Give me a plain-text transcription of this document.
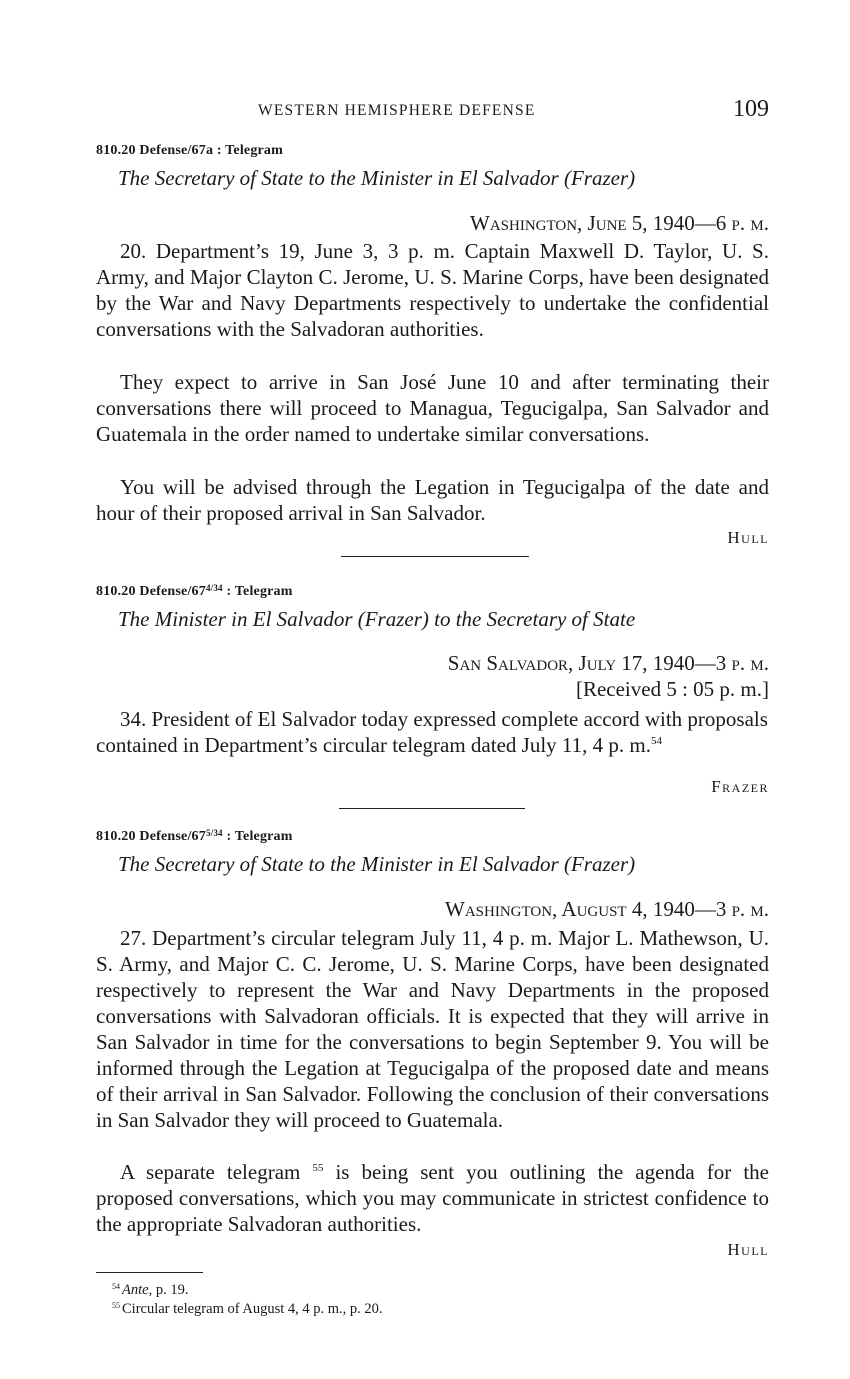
WESTERN HEMISPHERE DEFENSE	109
810.20 Defense/67a : Telegram
The Secretary of State to the Minister in El Salvador (Frazer)
Washington, June 5, 1940—6 p. m.
20. Department’s 19, June 3, 3 p. m. Captain Maxwell D. Taylor, U. S. Army, and Major Clayton C. Jerome, U. S. Marine Corps, have been designated by the War and Navy Departments respectively to undertake the confidential conversations with the Salvadoran authorities.
They expect to arrive in San José June 10 and after terminating their conversations there will proceed to Managua, Tegucigalpa, San Salvador and Guatemala in the order named to undertake similar conversations.
You will be advised through the Legation in Tegucigalpa of the date and hour of their proposed arrival in San Salvador.
Hull
810.20 Defense/$67^{4/34}$ : Telegram
The Minister in El Salvador (Frazer) to the Secretary of State
San Salvador, July 17, 1940—3 p. m.
[Received 5 : 05 p. m.]
34. President of El Salvador today expressed complete accord with proposals contained in Department’s circular telegram dated July 11, 4 p. m.$^{54}$
Frazer
810.20 Defense/$67^{5/34}$ : Telegram
The Secretary of State to the Minister in El Salvador (Frazer)
Washington, August 4, 1940—3 p. m.
27. Department’s circular telegram July 11, 4 p. m. Major L. Mathewson, U. S. Army, and Major C. C. Jerome, U. S. Marine Corps, have been designated respectively to represent the War and Navy Departments in the proposed conversations with Salvadoran officials. It is expected that they will arrive in San Salvador in time for the conversations to begin September 9. You will be informed through the Legation at Tegucigalpa of the proposed date and means of their arrival in San Salvador. Following the conclusion of their conversations in San Salvador they will proceed to Guatemala.
A separate telegram $^{55}$ is being sent you outlining the agenda for the proposed conversations, which you may communicate in strictest confidence to the appropriate Salvadoran authorities.
Hull
$^{54}$ Ante, p. 19.
$^{55}$ Circular telegram of August 4, 4 p. m., p. 20.
